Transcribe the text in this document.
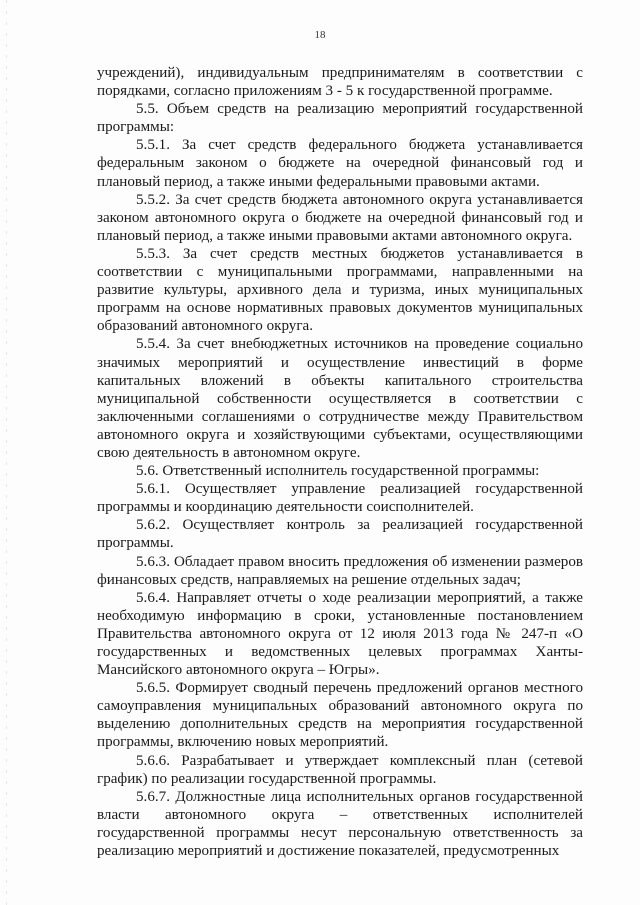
18

учреждений), индивидуальным предпринимателям в соответствии с порядками, согласно приложениям 3 - 5 к государственной программе.

5.5. Объем средств на реализацию мероприятий государственной программы:

5.5.1. За счет средств федерального бюджета устанавливается федеральным законом о бюджете на очередной финансовый год и плановый период, а также иными федеральными правовыми актами.

5.5.2. За счет средств бюджета автономного округа устанавливается законом автономного округа о бюджете на очередной финансовый год и плановый период, а также иными правовыми актами автономного округа.

5.5.3. За счет средств местных бюджетов устанавливается в соответствии с муниципальными программами, направленными на развитие культуры, архивного дела и туризма, иных муниципальных программ на основе нормативных правовых документов муниципальных образований автономного округа.

5.5.4. За счет внебюджетных источников на проведение социально значимых мероприятий и осуществление инвестиций в форме капитальных вложений в объекты капитального строительства муниципальной собственности осуществляется в соответствии с заключенными соглашениями о сотрудничестве между Правительством автономного округа и хозяйствующими субъектами, осуществляющими свою деятельность в автономном округе.

5.6. Ответственный исполнитель государственной программы:

5.6.1. Осуществляет управление реализацией государственной программы и координацию деятельности соисполнителей.

5.6.2. Осуществляет контроль за реализацией государственной программы.

5.6.3. Обладает правом вносить предложения об изменении размеров финансовых средств, направляемых на решение отдельных задач;

5.6.4. Направляет отчеты о ходе реализации мероприятий, а также необходимую информацию в сроки, установленные постановлением Правительства автономного округа от 12 июля 2013 года № 247-п «О государственных и ведомственных целевых программах Ханты-Мансийского автономного округа – Югры».

5.6.5. Формирует сводный перечень предложений органов местного самоуправления муниципальных образований автономного округа по выделению дополнительных средств на мероприятия государственной программы, включению новых мероприятий.

5.6.6. Разрабатывает и утверждает комплексный план (сетевой график) по реализации государственной программы.

5.6.7. Должностные лица исполнительных органов государственной власти автономного округа – ответственных исполнителей государственной программы несут персональную ответственность за реализацию мероприятий и достижение показателей, предусмотренных
